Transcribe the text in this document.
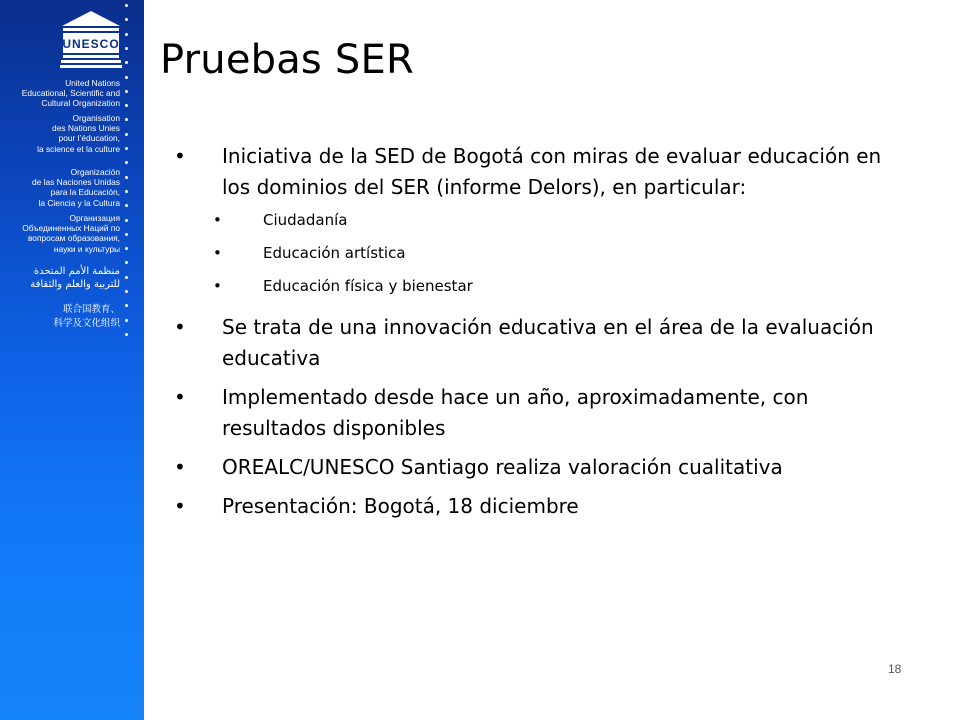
UNESCO
United Nations
Educational, Scientific and
Cultural Organization
Organisation
des Nations Unies
pour l’éducation,
la science et la culture
Organización
de las Naciones Unidas
para la Educación,
la Ciencia y la Cultura
Организация
Объединенных Наций по
вопросам образования,
науки и культуры
منظمة الأمم المتحدة
للتربية والعلم والثقافة
联合国教育、
科学及文化组织
Pruebas SER
• Iniciativa de la SED de Bogotá con miras de evaluar educación en los dominios del SER (informe Delors), en particular:
•	Ciudadanía
•	Educación artística
•	Educación física y bienestar
• Se trata de una innovación educativa en el área de la evaluación educativa
• Implementado desde hace un año, aproximadamente, con resultados disponibles
• OREALC/UNESCO Santiago realiza valoración cualitativa
• Presentación: Bogotá, 18 diciembre
18
